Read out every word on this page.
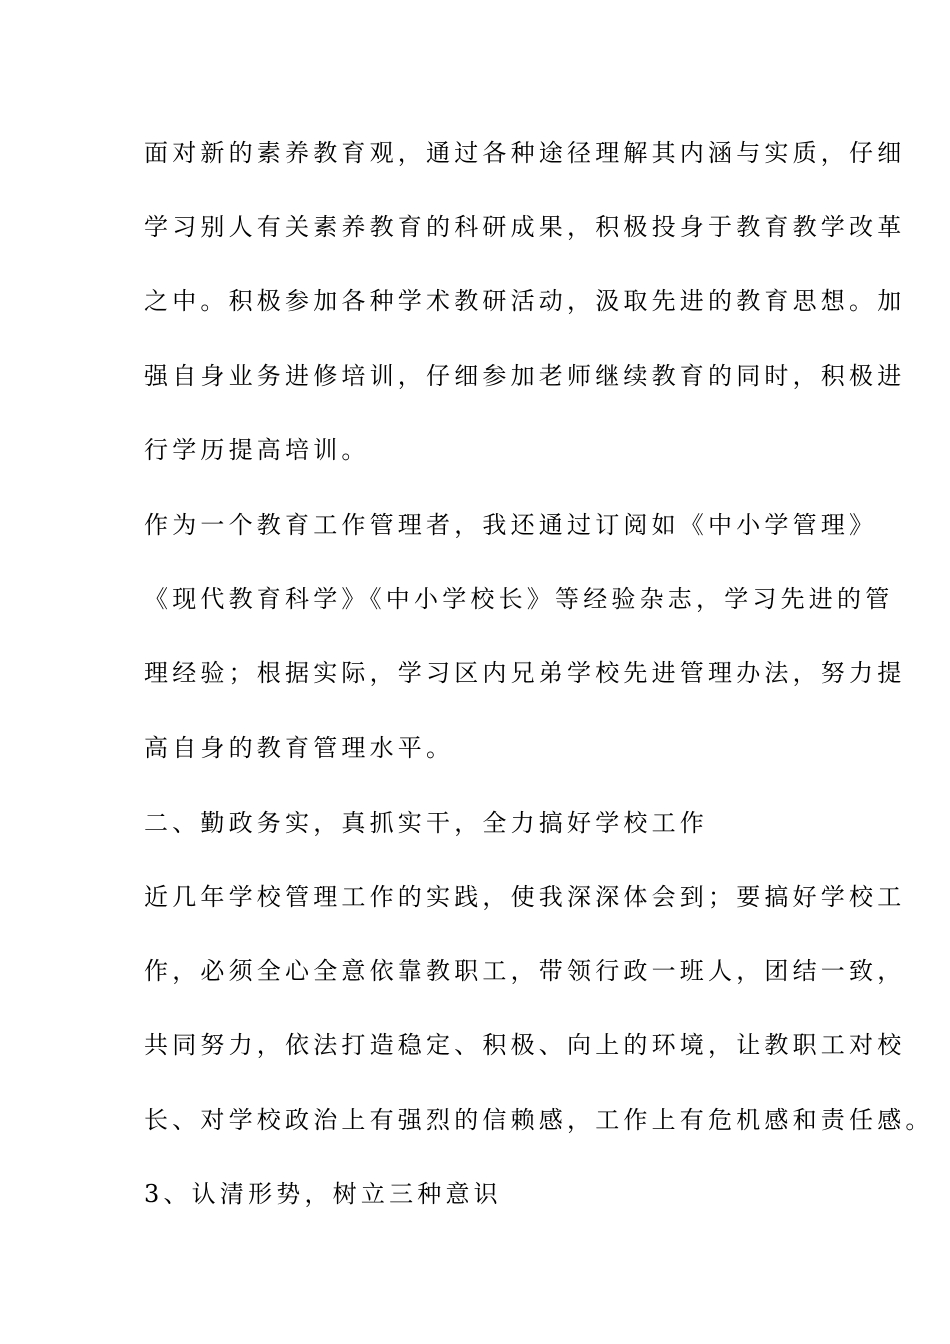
面对新的素养教育观，通过各种途径理解其内涵与实质，仔细
学习别人有关素养教育的科研成果，积极投身于教育教学改革
之中。积极参加各种学术教研活动，汲取先进的教育思想。加
强自身业务进修培训，仔细参加老师继续教育的同时，积极进
行学历提高培训。
作为一个教育工作管理者，我还通过订阅如《中小学管理》
《现代教育科学》《中小学校长》等经验杂志，学习先进的管
理经验；根据实际，学习区内兄弟学校先进管理办法，努力提
高自身的教育管理水平。
二、勤政务实，真抓实干，全力搞好学校工作
近几年学校管理工作的实践，使我深深体会到；要搞好学校工
作，必须全心全意依靠教职工，带领行政一班人，团结一致，
共同努力，依法打造稳定、积极、向上的环境，让教职工对校
长、对学校政治上有强烈的信赖感，工作上有危机感和责任感。
3、认清形势，树立三种意识
